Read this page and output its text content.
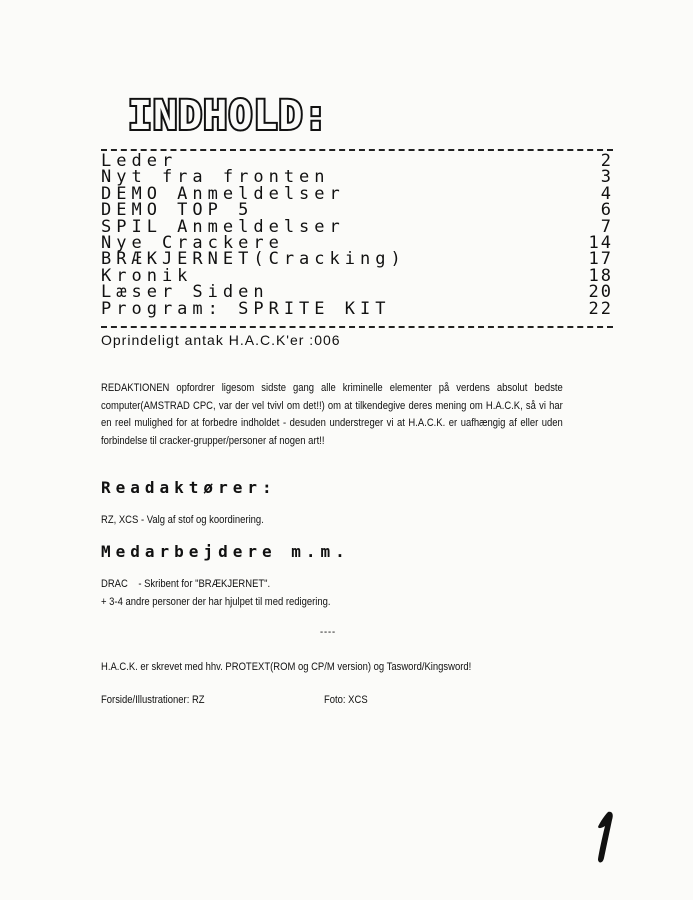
INDHOLD:
Leder	2
Nyt fra fronten	3
DEMO Anmeldelser	4
DEMO TOP 5	6
SPIL Anmeldelser	7
Nye Crackere	14
BRÆKJERNET(Cracking)	17
Kronik	18
Læser Siden	20
Program: SPRITE KIT	22
Oprindeligt antak H.A.C.K'er :006
REDAKTIONEN opfordrer ligesom sidste gang alle kriminelle elementer på verdens absolut bedste computer(AMSTRAD CPC, var der vel tvivl om det!!) om at tilkendegive deres mening om H.A.C.K, så vi har en reel mulighed for at forbedre indholdet - desuden understreger vi at H.A.C.K. er uafhængig af eller uden forbindelse til cracker-grupper/personer af nogen art!!
Readaktører:
RZ, XCS - Valg af stof og koordinering.
Medarbejdere m.m.
DRAC    - Skribent for "BRÆKJERNET".
+ 3-4 andre personer der har hjulpet til med redigering.
----
H.A.C.K. er skrevet med hhv. PROTEXT(ROM og CP/M version) og Tasword/Kingsword!
Forside/Illustrationer: RZ	Foto: XCS
